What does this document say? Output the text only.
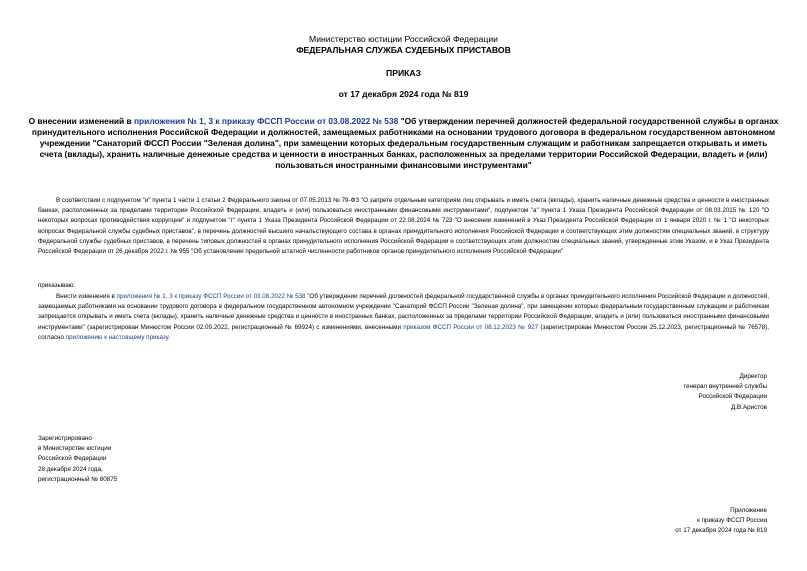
Министерство юстиции Российской Федерации
ФЕДЕРАЛЬНАЯ СЛУЖБА СУДЕБНЫХ ПРИСТАВОВ
ПРИКАЗ
от 17 декабря 2024 года № 819
О внесении изменений в приложения № 1, 3 к приказу ФССП России от 03.08.2022 № 538 "Об утверждении перечней должностей федеральной государственной службы в органах принудительного исполнения Российской Федерации и должностей, замещаемых работниками на основании трудового договора в федеральном государственном автономном учреждении "Санаторий ФССП России "Зеленая долина", при замещении которых федеральным государственным служащим и работникам запрещается открывать и иметь счета (вклады), хранить наличные денежные средства и ценности в иностранных банках, расположенных за пределами территории Российской Федерации, владеть и (или) пользоваться иностранными финансовыми инструментами"
В соответствии с подпунктом "и" пункта 1 части 1 статьи 2 Федерального закона от 07.05.2013 № 79-ФЗ "О запрете отдельным категориям лиц открывать и иметь счета (вклады), хранить наличные денежные средства и ценности в иностранных банках, расположенных за пределами территории Российской Федерации, владеть и (или) пользоваться иностранными финансовыми инструментами", подпунктом "а" пункта 1 Указа Президента Российской Федерации от 08.03.2015 № 120 "О некоторых вопросах противодействия коррупции" и подпунктом "г" пункта 1 Указа Президента Российской Федерации от 22.08.2024 № 723 "О внесении изменений в Указ Президента Российской Федерации от 1 января 2020 г. № 1 "О некоторых вопросах Федеральной службы судебных приставов", в перечень должностей высшего начальствующего состава в органах принудительного исполнения Российской Федерации и соответствующих этим должностям специальных званий, в структуру Федеральной службы судебных приставов, в перечень типовых должностей в органах принудительного исполнения Российской Федерации и соответствующих этим должностям специальных званий, утвержденные этим Указом, и в Указ Президента Российской Федерации от 26 декабря 2022 г. № 955 "Об установлении предельной штатной численности работников органов принудительного исполнения Российской Федерации"
приказываю:
Внести изменения в приложения № 1, 3 к приказу ФССП России от 03.08.2022 № 538 "Об утверждении перечней должностей федеральной государственной службы в органах принудительного исполнения Российской Федерации и должностей, замещаемых работниками на основании трудового договора в федеральном государственном автономном учреждении "Санаторий ФССП России "Зеленая долина", при замещении которых федеральным государственным служащим и работникам запрещается открывать и иметь счета (вклады), хранить наличные денежные средства и ценности в иностранных банках, расположенных за пределами территории Российской Федерации, владеть и (или) пользоваться иностранными финансовыми инструментами" (зарегистрирован Минюстом России 02.09.2022, регистрационный № 69924) с изменениями, внесенными приказом ФССП России от 08.12.2023 № 927 (зарегистрирован Минюстом России 25.12.2023, регистрационный № 76578), согласно приложению к настоящему приказу.
Директор
генерал внутренней службы
Российской Федерации
Д.В.Аристов
Зарегистрировано
в Министерстве юстиции
Российской Федерации
28 декабря 2024 года,
регистрационный № 80875
Приложение
к приказу ФССП России
от 17 декабря 2024 года № 819
